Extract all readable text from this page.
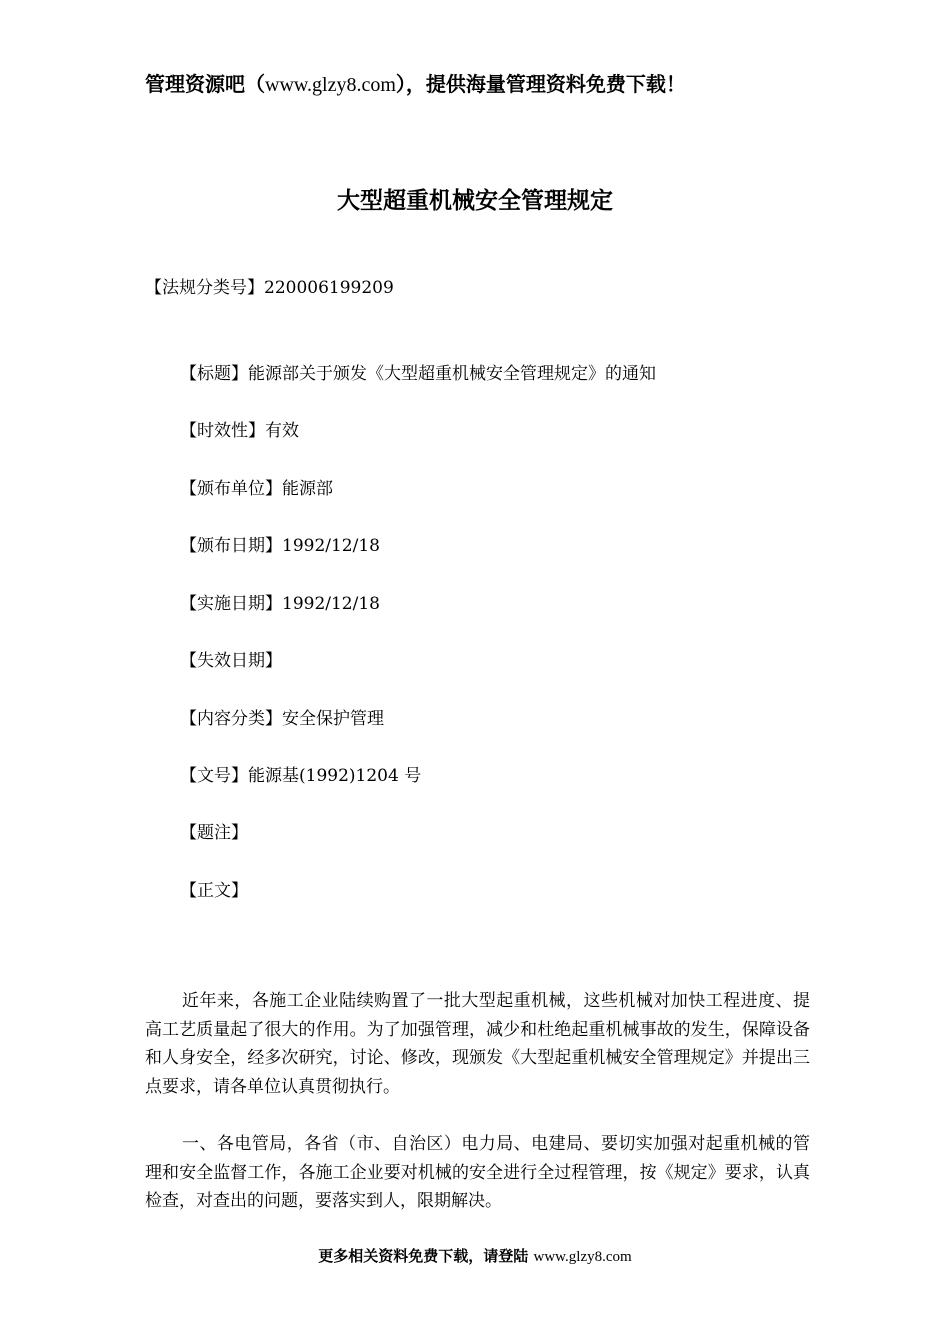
管理资源吧（www.glzy8.com），提供海量管理资料免费下载！
大型超重机械安全管理规定
【法规分类号】220006199209
【标题】能源部关于颁发《大型超重机械安全管理规定》的通知
【时效性】有效
【颁布单位】能源部
【颁布日期】1992/12/18
【实施日期】1992/12/18
【失效日期】
【内容分类】安全保护管理
【文号】能源基(1992)1204 号
【题注】
【正文】
近年来，各施工企业陆续购置了一批大型起重机械，这些机械对加快工程进度、提高工艺质量起了很大的作用。为了加强管理，减少和杜绝起重机械事故的发生，保障设备和人身安全，经多次研究，讨论、修改，现颁发《大型起重机械安全管理规定》并提出三点要求，请各单位认真贯彻执行。
一、各电管局，各省（市、自治区）电力局、电建局、要切实加强对起重机械的管理和安全监督工作，各施工企业要对机械的安全进行全过程管理，按《规定》要求，认真检查，对查出的问题，要落实到人，限期解决。
更多相关资料免费下载，请登陆 www.glzy8.com
